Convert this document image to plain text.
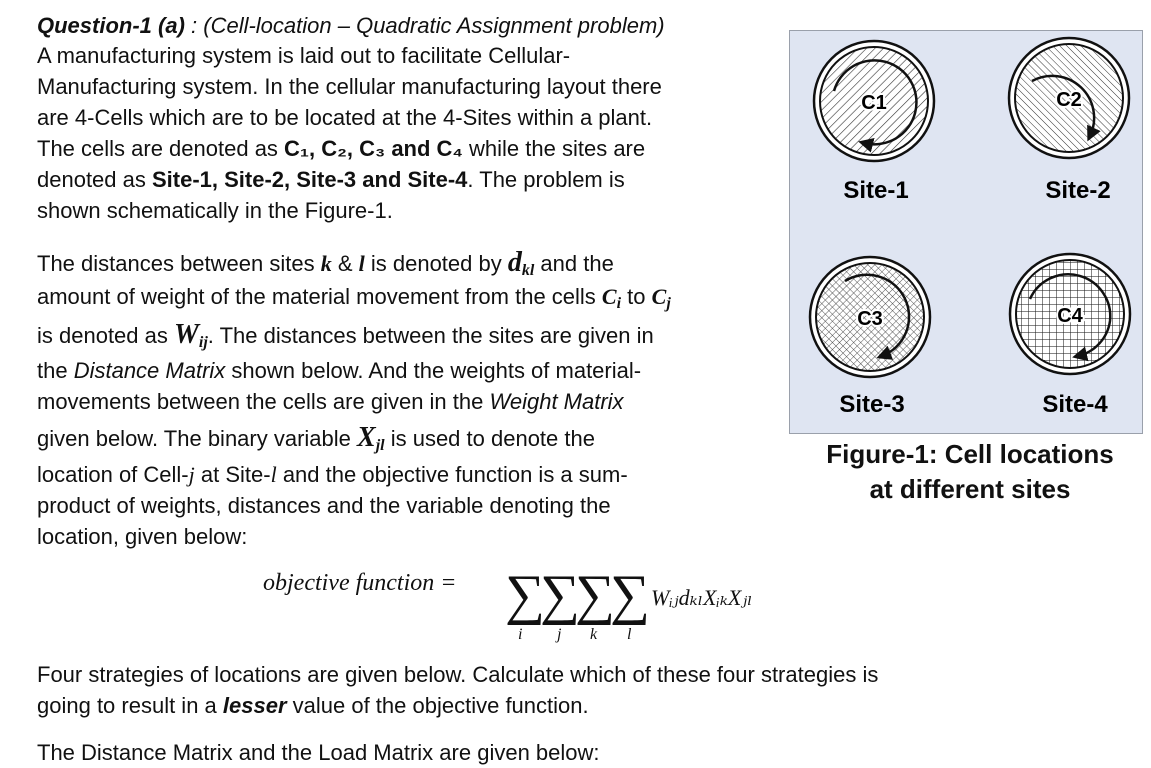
Question-1 (a) : (Cell-location – Quadratic Assignment problem)
A manufacturing system is laid out to facilitate Cellular-
Manufacturing system. In the cellular manufacturing layout there
are 4-Cells which are to be located at the 4-Sites within a plant.
The cells are denoted as C₁, C₂, C₃ and C₄ while the sites are
denoted as Site-1, Site-2, Site-3 and Site-4. The problem is
shown schematically in the Figure-1.
The distances between sites k & l is denoted by $d_{kl}$ and the
amount of weight of the material movement from the cells $C_i$ to $C_j$
is denoted as $W_{ij}$. The distances between the sites are given in
the Distance Matrix shown below. And the weights of material-
movements between the cells are given in the Weight Matrix
given below. The binary variable $X_{jl}$ is used to denote the
location of Cell-j at Site-l and the objective function is a sum-
product of weights, distances and the variable denoting the
location, given below:
objective function = ∑
∑
∑
∑
i j k l
WᵢⱼdₖₗXᵢₖXⱼₗ
Four strategies of locations are given below. Calculate which of these four strategies is
going to result in a lesser value of the objective function.
The Distance Matrix and the Load Matrix are given below:
C1	C2
Site-1	Site-2
C3	C4
Site-3	Site-4
Figure-1: Cell locations
at different sites
